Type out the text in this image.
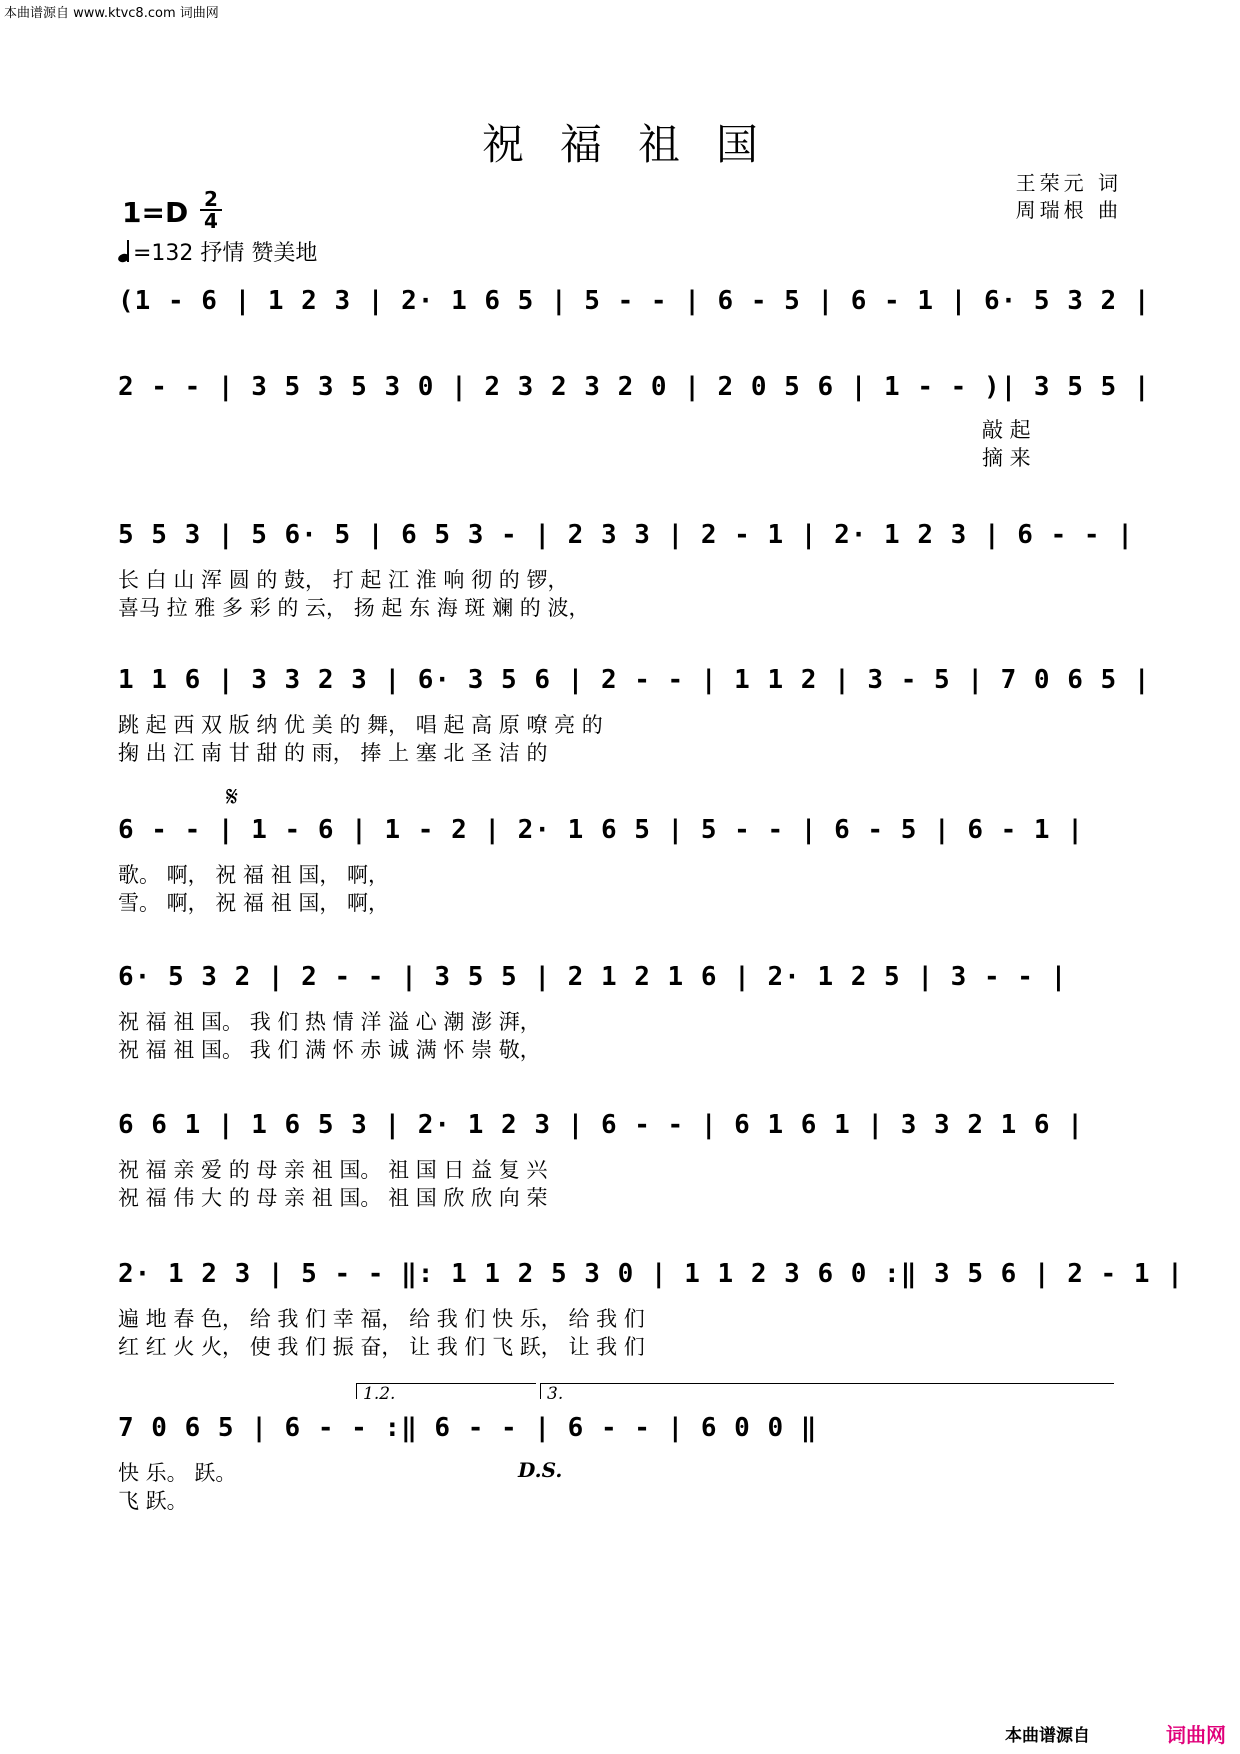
本曲谱源自 www.ktvc8.com 词曲网
祝福祖国
王荣元 词
周瑞根 曲
1=D 2
4
=132 抒情 赞美地
𝄋
(1 - 6 | 1 2 3 | 2· 1 6 5 | 5 - - | 6 - 5 | 6 - 1 | 6· 5 3 2 |
2 - - | 3 5 3 5 3 0 | 2 3 2 3 2 0 | 2 0 5 6 | 1 - - )| 3 5 5 |
敲 起
摘 来
5 5 3 | 5 6· 5 | 6 5 3 - | 2 3 3 | 2 - 1 | 2· 1 2 3 | 6 - - |
长 白 山 浑 圆 的 鼓， 打 起 江 淮 响 彻 的 锣，
喜马 拉 雅 多 彩 的 云， 扬 起 东 海 斑 斓 的 波，
1 1 6 | 3 3 2 3 | 6· 3 5 6 | 2 - - | 1 1 2 | 3 - 5 | 7 0 6 5 |
跳 起 西 双 版 纳 优 美 的 舞， 唱 起 高 原 嘹 亮 的
掬 出 江 南 甘 甜 的 雨， 捧 上 塞 北 圣 洁 的
6 - - | 1 - 6 | 1 - 2 | 2· 1 6 5 | 5 - - | 6 - 5 | 6 - 1 |
歌。 啊， 祝 福 祖 国， 啊，
雪。 啊， 祝 福 祖 国， 啊，
6· 5 3 2 | 2 - - | 3 5 5 | 2 1 2 1 6 | 2· 1 2 5 | 3 - - |
祝 福 祖 国。 我 们 热 情 洋 溢 心 潮 澎 湃，
祝 福 祖 国。 我 们 满 怀 赤 诚 满 怀 崇 敬，
6 6 1 | 1 6 5 3 | 2· 1 2 3 | 6 - - | 6 1 6 1 | 3 3 2 1 6 |
祝 福 亲 爱 的 母 亲 祖 国。 祖 国 日 益 复 兴
祝 福 伟 大 的 母 亲 祖 国。 祖 国 欣 欣 向 荣
2· 1 2 3 | 5 - - ‖: 1 1 2 5 3 0 | 1 1 2 3 6 0 :‖ 3 5 6 | 2 - 1 |
遍 地 春 色， 给 我 们 幸 福， 给 我 们 快 乐， 给 我 们
红 红 火 火， 使 我 们 振 奋， 让 我 们 飞 跃， 让 我 们
1.2.	3.
7 0 6 5 | 6 - - :‖ 6 - - | 6 - - | 6 0 0 ‖
快 乐。 跃。
飞 跃。
D.S.
本曲谱源自	词曲网
